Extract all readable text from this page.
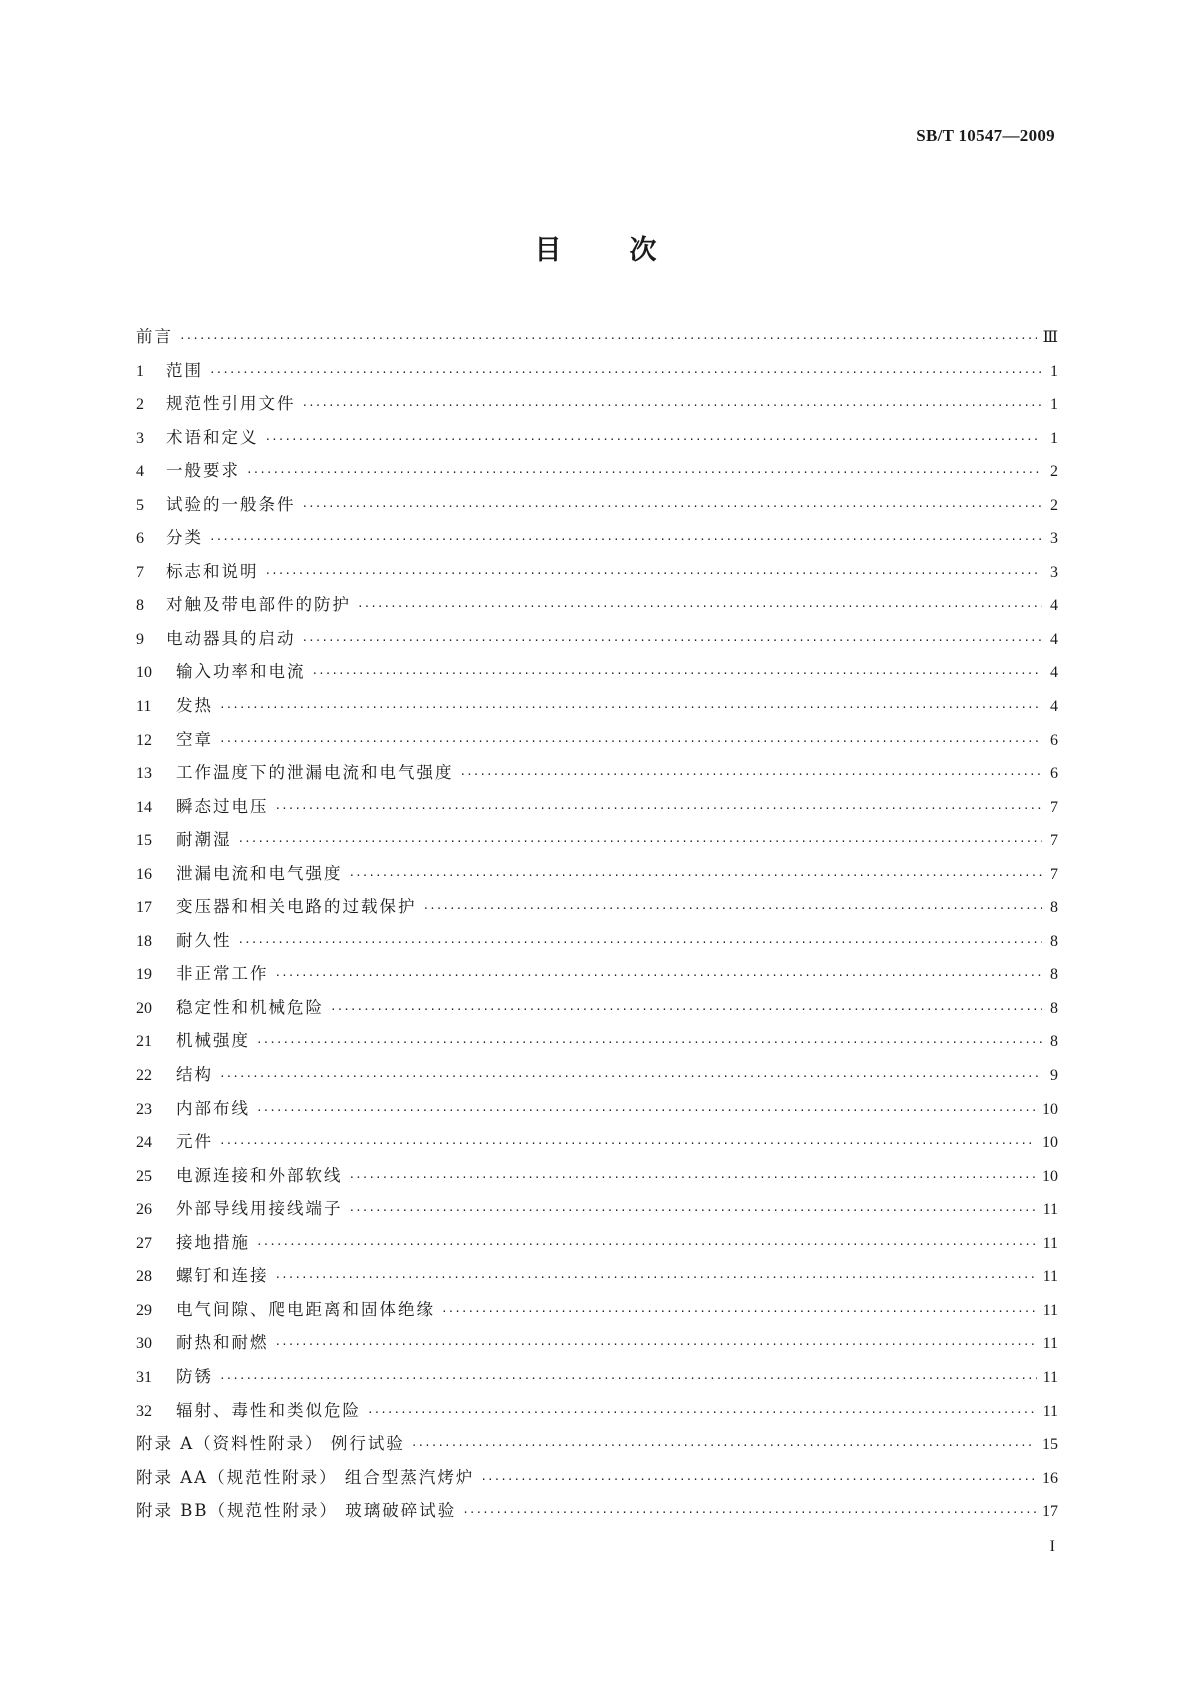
SB/T 10547—2009
目次
前言 ·····	Ⅲ
1	范围 ·····	1
2	规范性引用文件 ·····	1
3	术语和定义 ·····	1
4	一般要求 ·····	2
5	试验的一般条件 ·····	2
6	分类 ·····	3
7	标志和说明 ·····	3
8	对触及带电部件的防护 ·····	4
9	电动器具的启动 ·····	4
10	输入功率和电流 ·····	4
11	发热 ·····	4
12	空章 ·····	6
13	工作温度下的泄漏电流和电气强度 ·····	6
14	瞬态过电压 ·····	7
15	耐潮湿 ·····	7
16	泄漏电流和电气强度 ·····	7
17	变压器和相关电路的过载保护 ·····	8
18	耐久性 ·····	8
19	非正常工作 ·····	8
20	稳定性和机械危险 ·····	8
21	机械强度 ·····	8
22	结构 ·····	9
23	内部布线 ·····	10
24	元件 ·····	10
25	电源连接和外部软线 ·····	10
26	外部导线用接线端子 ·····	11
27	接地措施 ·····	11
28	螺钉和连接 ·····	11
29	电气间隙、爬电距离和固体绝缘 ·····	11
30	耐热和耐燃 ·····	11
31	防锈 ·····	11
32	辐射、毒性和类似危险 ·····	11
附录 A（资料性附录） 例行试验 ·····	15
附录 AA（规范性附录） 组合型蒸汽烤炉 ·····	16
附录 BB（规范性附录） 玻璃破碎试验 ·····	17
I
